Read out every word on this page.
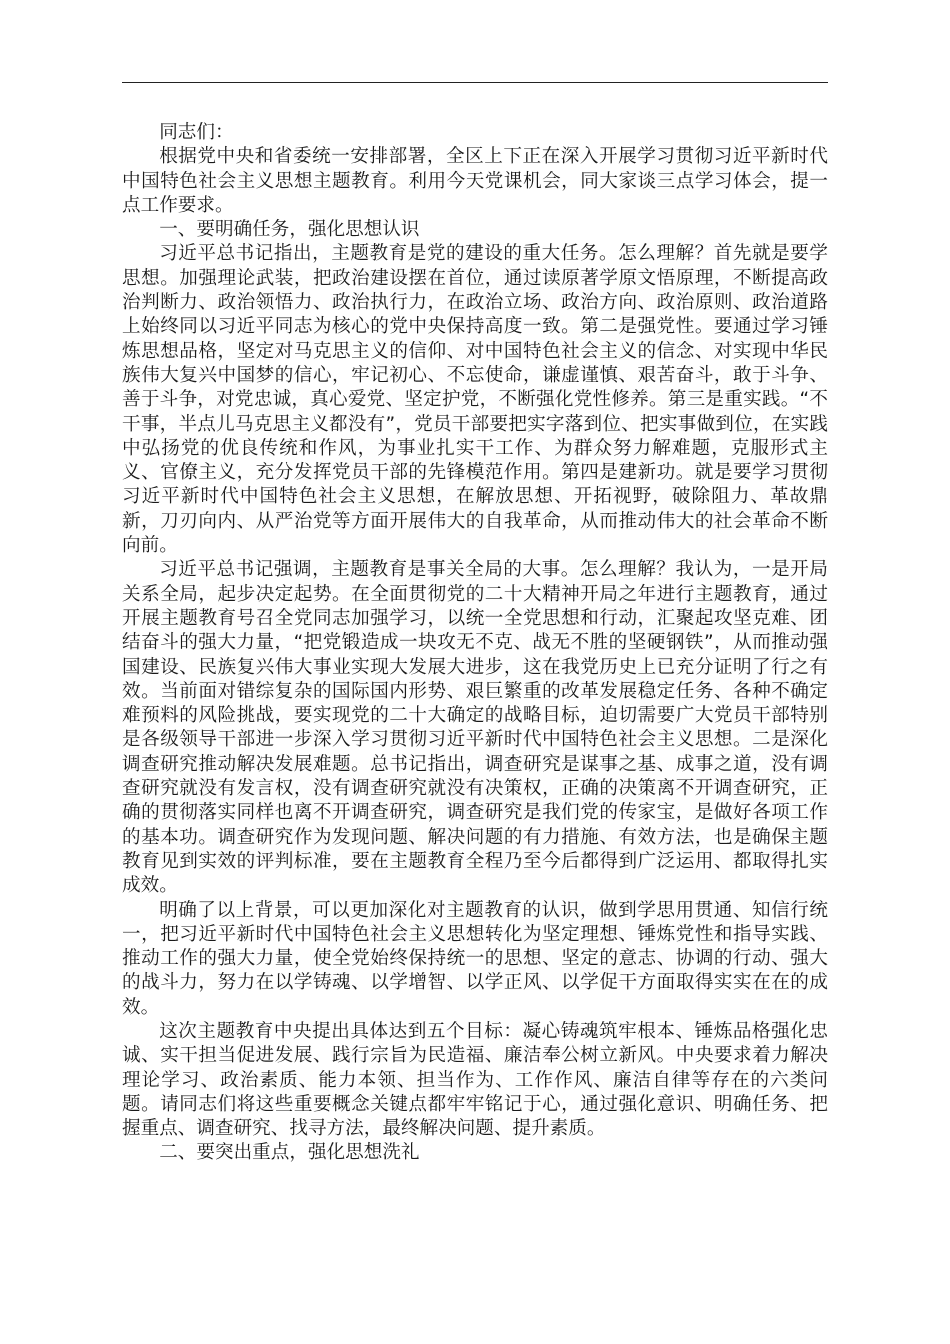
同志们：

根据党中央和省委统一安排部署，全区上下正在深入开展学习贯彻习近平新时代中国特色社会主义思想主题教育。利用今天党课机会，同大家谈三点学习体会，提一点工作要求。

一、要明确任务，强化思想认识

习近平总书记指出，主题教育是党的建设的重大任务。怎么理解？首先就是要学思想。加强理论武装，把政治建设摆在首位，通过读原著学原文悟原理，不断提高政治判断力、政治领悟力、政治执行力，在政治立场、政治方向、政治原则、政治道路上始终同以习近平同志为核心的党中央保持高度一致。第二是强党性。要通过学习锤炼思想品格，坚定对马克思主义的信仰、对中国特色社会主义的信念、对实现中华民族伟大复兴中国梦的信心，牢记初心、不忘使命，谦虚谨慎、艰苦奋斗，敢于斗争、善于斗争，对党忠诚，真心爱党、坚定护党，不断强化党性修养。第三是重实践。“不干事，半点儿马克思主义都没有”，党员干部要把实字落到位、把实事做到位，在实践中弘扬党的优良传统和作风，为事业扎实干工作、为群众努力解难题，克服形式主义、官僚主义，充分发挥党员干部的先锋模范作用。第四是建新功。就是要学习贯彻习近平新时代中国特色社会主义思想，在解放思想、开拓视野，破除阻力、革故鼎新，刀刃向内、从严治党等方面开展伟大的自我革命，从而推动伟大的社会革命不断向前。

习近平总书记强调，主题教育是事关全局的大事。怎么理解？我认为，一是开局关系全局，起步决定起势。在全面贯彻党的二十大精神开局之年进行主题教育，通过开展主题教育号召全党同志加强学习，以统一全党思想和行动，汇聚起攻坚克难、团结奋斗的强大力量，“把党锻造成一块攻无不克、战无不胜的坚硬钢铁”，从而推动强国建设、民族复兴伟大事业实现大发展大进步，这在我党历史上已充分证明了行之有效。当前面对错综复杂的国际国内形势、艰巨繁重的改革发展稳定任务、各种不确定难预料的风险挑战，要实现党的二十大确定的战略目标，迫切需要广大党员干部特别是各级领导干部进一步深入学习贯彻习近平新时代中国特色社会主义思想。二是深化调查研究推动解决发展难题。总书记指出，调查研究是谋事之基、成事之道，没有调查研究就没有发言权，没有调查研究就没有决策权，正确的决策离不开调查研究，正确的贯彻落实同样也离不开调查研究，调查研究是我们党的传家宝，是做好各项工作的基本功。调查研究作为发现问题、解决问题的有力措施、有效方法，也是确保主题教育见到实效的评判标准，要在主题教育全程乃至今后都得到广泛运用、都取得扎实成效。

明确了以上背景，可以更加深化对主题教育的认识，做到学思用贯通、知信行统一，把习近平新时代中国特色社会主义思想转化为坚定理想、锤炼党性和指导实践、推动工作的强大力量，使全党始终保持统一的思想、坚定的意志、协调的行动、强大的战斗力，努力在以学铸魂、以学增智、以学正风、以学促干方面取得实实在在的成效。

这次主题教育中央提出具体达到五个目标：凝心铸魂筑牢根本、锤炼品格强化忠诚、实干担当促进发展、践行宗旨为民造福、廉洁奉公树立新风。中央要求着力解决理论学习、政治素质、能力本领、担当作为、工作作风、廉洁自律等存在的六类问题。请同志们将这些重要概念关键点都牢牢铭记于心，通过强化意识、明确任务、把握重点、调查研究、找寻方法，最终解决问题、提升素质。

二、要突出重点，强化思想洗礼
